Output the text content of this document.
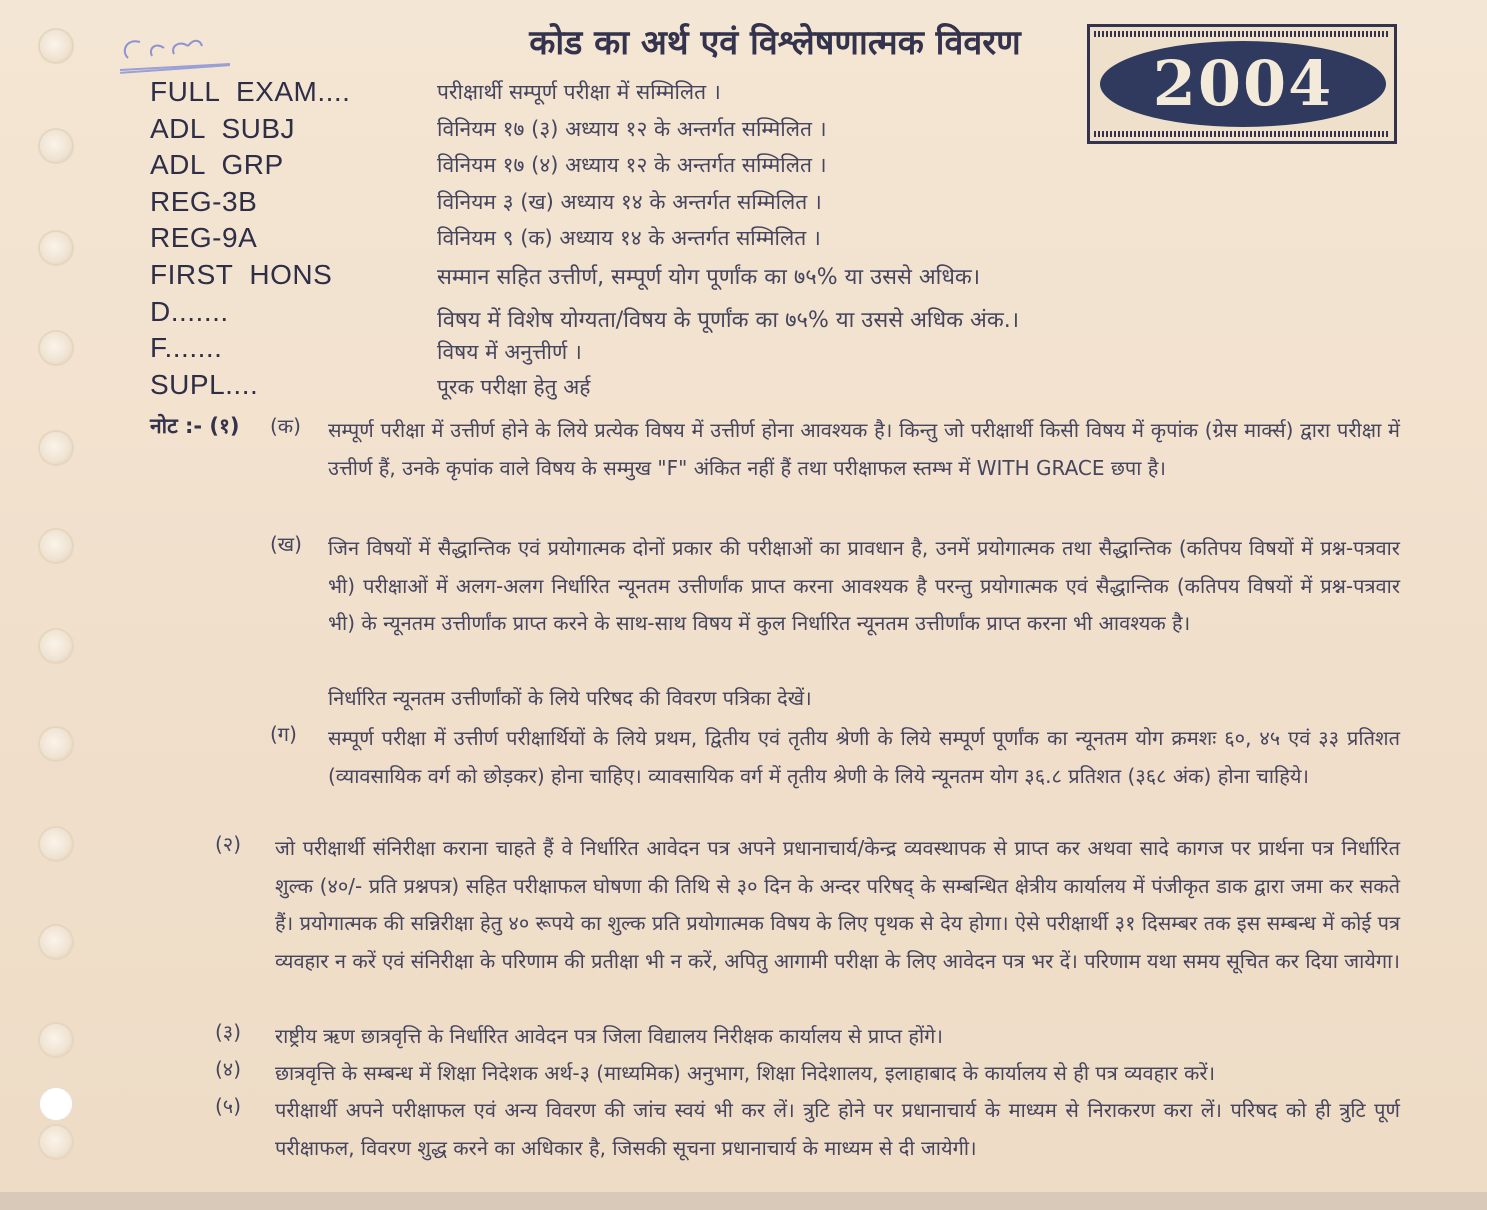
कोड का अर्थ एवं विश्लेषणात्मक विवरण
2004
FULL  EXAM....	परीक्षार्थी सम्पूर्ण परीक्षा में सम्मिलित ।
ADL  SUBJ	विनियम १७ (३) अध्याय १२ के अन्तर्गत सम्मिलित ।
ADL  GRP	विनियम १७ (४) अध्याय १२ के अन्तर्गत सम्मिलित ।
REG-3B	विनियम ३ (ख) अध्याय १४ के अन्तर्गत सम्मिलित ।
REG-9A	विनियम ९ (क) अध्याय १४ के अन्तर्गत सम्मिलित ।
FIRST  HONS	सम्मान सहित उत्तीर्ण, सम्पूर्ण योग पूर्णांक का ७५% या उससे अधिक।
D.......	विषय में विशेष योग्यता/विषय के पूर्णांक का ७५% या उससे अधिक अंक.।
F.......	विषय में अनुत्तीर्ण ।
SUPL....	पूरक परीक्षा हेतु अर्ह
नोट :- (१) (क)	सम्पूर्ण परीक्षा में उत्तीर्ण होने के लिये प्रत्येक विषय में उत्तीर्ण होना आवश्यक है। किन्तु जो परीक्षार्थी किसी विषय में कृपांक (ग्रेस मार्क्स) द्वारा परीक्षा में उत्तीर्ण हैं, उनके कृपांक वाले विषय के सम्मुख "F" अंकित नहीं हैं तथा परीक्षाफल स्तम्भ में WITH GRACE छपा है।

(ख)	जिन विषयों में सैद्धान्तिक एवं प्रयोगात्मक दोनों प्रकार की परीक्षाओं का प्रावधान है, उनमें प्रयोगात्मक तथा सैद्धान्तिक (कतिपय विषयों में प्रश्न-पत्रवार भी) परीक्षाओं में अलग-अलग निर्धारित न्यूनतम उत्तीर्णांक प्राप्त करना आवश्यक है परन्तु प्रयोगात्मक एवं सैद्धान्तिक (कतिपय विषयों में प्रश्न-पत्रवार भी) के न्यूनतम उत्तीर्णांक प्राप्त करने के साथ-साथ विषय में कुल निर्धारित न्यूनतम उत्तीर्णांक प्राप्त करना भी आवश्यक है।

निर्धारित न्यूनतम उत्तीर्णांकों के लिये परिषद की विवरण पत्रिका देखें।

(ग)	सम्पूर्ण परीक्षा में उत्तीर्ण परीक्षार्थियों के लिये प्रथम, द्वितीय एवं तृतीय श्रेणी के लिये सम्पूर्ण पूर्णांक का न्यूनतम योग क्रमशः ६०, ४५ एवं ३३ प्रतिशत (व्यावसायिक वर्ग को छोड़कर) होना चाहिए। व्यावसायिक वर्ग में तृतीय श्रेणी के लिये न्यूनतम योग ३६.८ प्रतिशत (३६८ अंक) होना चाहिये।

(२)	जो परीक्षार्थी संनिरीक्षा कराना चाहते हैं वे निर्धारित आवेदन पत्र अपने प्रधानाचार्य/केन्द्र व्यवस्थापक से प्राप्त कर अथवा सादे कागज पर प्रार्थना पत्र निर्धारित शुल्क (४०/- प्रति प्रश्नपत्र) सहित परीक्षाफल घोषणा की तिथि से ३० दिन के अन्दर परिषद् के सम्बन्धित क्षेत्रीय कार्यालय में पंजीकृत डाक द्वारा जमा कर सकते हैं। प्रयोगात्मक की सन्निरीक्षा हेतु ४० रूपये का शुल्क प्रति प्रयोगात्मक विषय के लिए पृथक से देय होगा। ऐसे परीक्षार्थी ३१ दिसम्बर तक इस सम्बन्ध में कोई पत्र व्यवहार न करें एवं संनिरीक्षा के परिणाम की प्रतीक्षा भी न करें, अपितु आगामी परीक्षा के लिए आवेदन पत्र भर दें। परिणाम यथा समय सूचित कर दिया जायेगा।

(३)	राष्ट्रीय ऋण छात्रवृत्ति के निर्धारित आवेदन पत्र जिला विद्यालय निरीक्षक कार्यालय से प्राप्त होंगे।

(४)	छात्रवृत्ति के सम्बन्ध में शिक्षा निदेशक अर्थ-३ (माध्यमिक) अनुभाग, शिक्षा निदेशालय, इलाहाबाद के कार्यालय से ही पत्र व्यवहार करें।

(५)	परीक्षार्थी अपने परीक्षाफल एवं अन्य विवरण की जांच स्वयं भी कर लें। त्रुटि होने पर प्रधानाचार्य के माध्यम से निराकरण करा लें। परिषद को ही त्रुटि पूर्ण परीक्षाफल, विवरण शुद्ध करने का अधिकार है, जिसकी सूचना प्रधानाचार्य के माध्यम से दी जायेगी।
